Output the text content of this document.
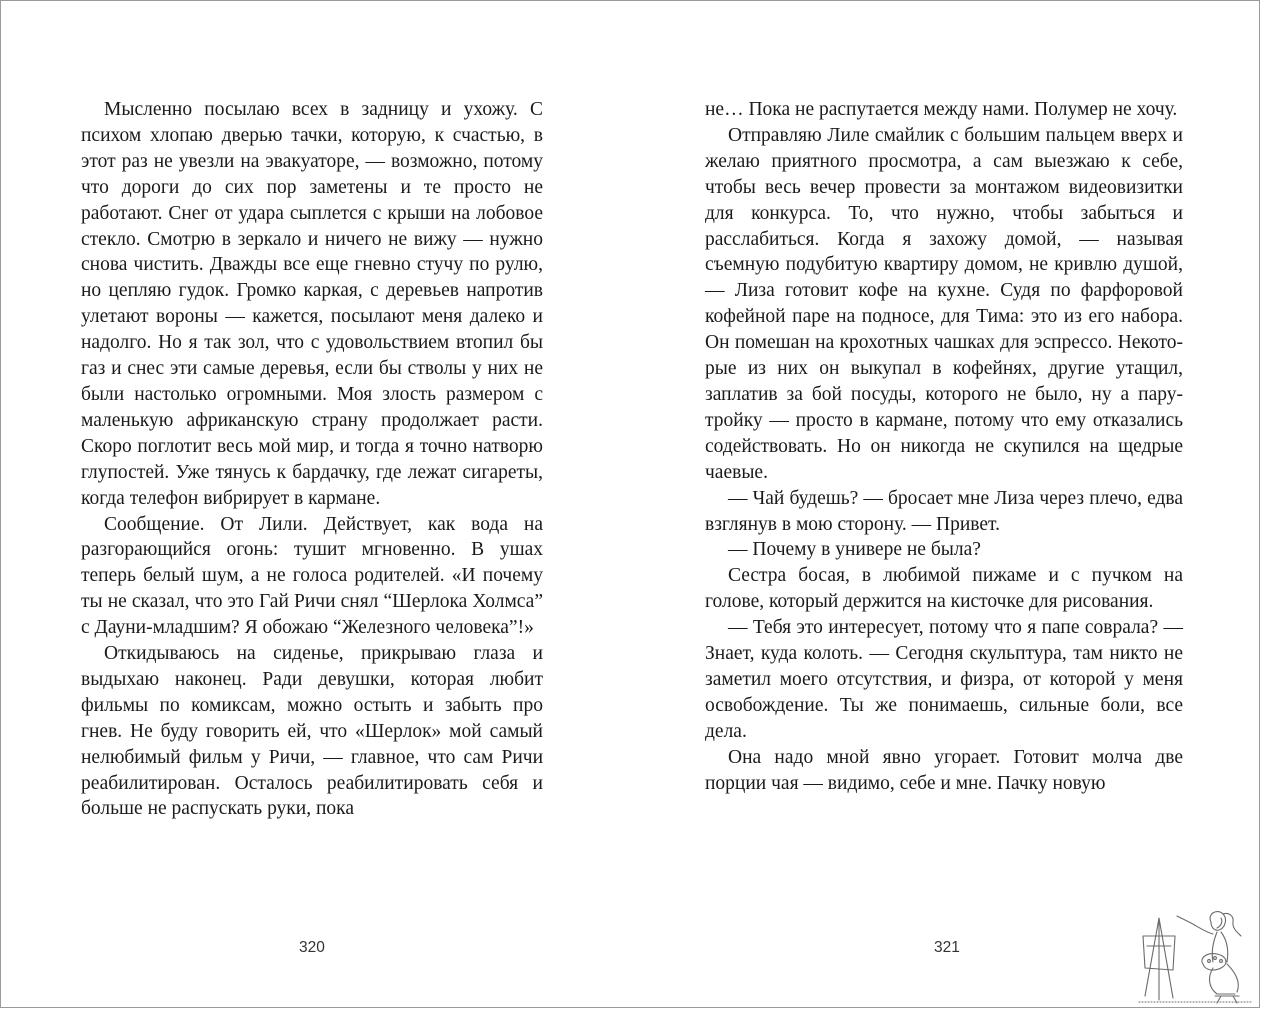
Мысленно посылаю всех в задницу и ухожу. С психом хлопаю дверью тачки, которую, к счастью, в этот раз не увезли на эвакуаторе, — возможно, потому что дороги до сих пор заметены и те просто не работают. Снег от удара сыплется с крыши на лобовое стекло. Смотрю в зеркало и ничего не вижу — нужно снова чистить. Дважды все еще гневно стучу по рулю, но цепляю гудок. Громко каркая, с деревьев напротив улетают вороны — кажется, посылают меня далеко и надолго. Но я так зол, что с удовольствием втопил бы газ и снес эти самые деревья, если бы стволы у них не были настолько огромными. Моя злость размером с маленькую африканскую страну продолжает расти. Скоро поглотит весь мой мир, и тогда я точно натворю глупостей. Уже тянусь к бардачку, где лежат сигареты, когда телефон вибрирует в кармане.

Сообщение. От Лили. Действует, как вода на разгорающийся огонь: тушит мгновенно. В ушах теперь белый шум, а не голоса родителей. «И почему ты не сказал, что это Гай Ричи снял “Шерлока Холмса” с Дауни-младшим? Я обожаю “Железного человека”!»

Откидываюсь на сиденье, прикрываю глаза и выдыхаю наконец. Ради девушки, которая любит фильмы по комиксам, можно остыть и забыть про гнев. Не буду говорить ей, что «Шерлок» мой самый нелюбимый фильм у Ричи, — главное, что сам Ричи реабилитирован. Осталось реабилитировать себя и больше не распускать руки, пока

320

не… Пока не распутается между нами. Полумер не хочу.

Отправляю Лиле смайлик с большим пальцем вверх и желаю приятного просмотра, а сам выезжаю к себе, чтобы весь вечер провести за монтажом видеовизитки для конкурса. То, что нужно, чтобы забыться и расслабиться. Когда я захожу домой, — называя съемную подубитую квартиру домом, не кривлю душой, — Лиза готовит кофе на кухне. Судя по фарфоровой кофейной паре на подносе, для Тима: это из его набора. Он помешан на крохотных чашках для эспрессо. Некоторые из них он выкупал в кофейнях, другие утащил, заплатив за бой посуды, которого не было, ну а пару-тройку — просто в кармане, потому что ему отказались содействовать. Но он никогда не скупился на щедрые чаевые.

— Чай будешь? — бросает мне Лиза через плечо, едва взглянув в мою сторону. — Привет.

— Почему в универе не была?

Сестра босая, в любимой пижаме и с пучком на голове, который держится на кисточке для рисования.

— Тебя это интересует, потому что я папе соврала? — Знает, куда колоть. — Сегодня скульптура, там никто не заметил моего отсутствия, и физра, от которой у меня освобождение. Ты же понимаешь, сильные боли, все дела.

Она надо мной явно угорает. Готовит молча две порции чая — видимо, себе и мне. Пачку новую

321
